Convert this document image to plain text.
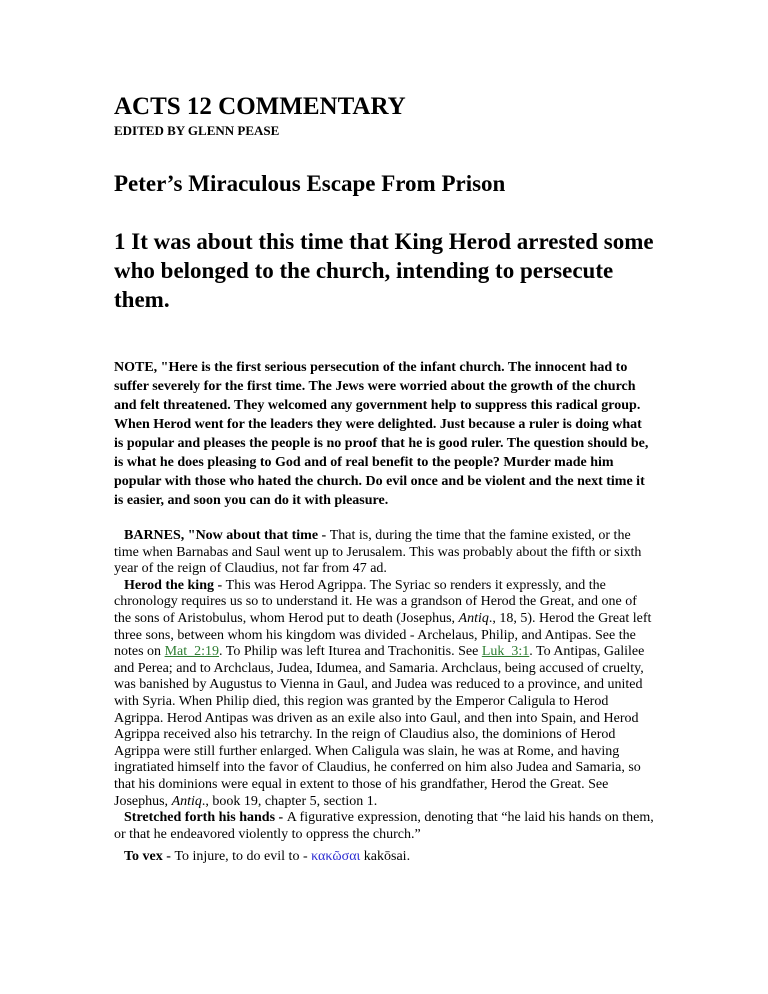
ACTS 12 COMMENTARY
EDITED BY GLENN PEASE
Peter’s Miraculous Escape From Prison

1 It was about this time that King Herod arrested some who belonged to the church, intending to persecute them.

NOTE, "Here is the first serious persecution of the infant church. The innocent had to suffer severely for the first time. The Jews were worried about the growth of the church and felt threatened. They welcomed any government help to suppress this radical group. When Herod went for the leaders they were delighted. Just because a ruler is doing what is popular and pleases the people is no proof that he is good ruler. The question should be, is what he does pleasing to God and of real benefit to the people? Murder made him popular with those who hated the church. Do evil once and be violent and the next time it is easier, and soon you can do it with pleasure.

BARNES, "Now about that time - That is, during the time that the famine existed, or the time when Barnabas and Saul went up to Jerusalem. This was probably about the fifth or sixth year of the reign of Claudius, not far from 47 ad.

Herod the king - This was Herod Agrippa. The Syriac so renders it expressly, and the chronology requires us so to understand it. He was a grandson of Herod the Great, and one of the sons of Aristobulus, whom Herod put to death (Josephus, Antiq., 18, 5). Herod the Great left three sons, between whom his kingdom was divided - Archelaus, Philip, and Antipas. See the notes on Mat_2:19. To Philip was left Iturea and Trachonitis. See Luk_3:1. To Antipas, Galilee and Perea; and to Archclaus, Judea, Idumea, and Samaria. Archclaus, being accused of cruelty, was banished by Augustus to Vienna in Gaul, and Judea was reduced to a province, and united with Syria. When Philip died, this region was granted by the Emperor Caligula to Herod Agrippa. Herod Antipas was driven as an exile also into Gaul, and then into Spain, and Herod Agrippa received also his tetrarchy. In the reign of Claudius also, the dominions of Herod Agrippa were still further enlarged. When Caligula was slain, he was at Rome, and having ingratiated himself into the favor of Claudius, he conferred on him also Judea and Samaria, so that his dominions were equal in extent to those of his grandfather, Herod the Great. See Josephus, Antiq., book 19, chapter 5, section 1.

Stretched forth his hands - A figurative expression, denoting that “he laid his hands on them, or that he endeavored violently to oppress the church.”

To vex - To injure, to do evil to - κακῶσαι kakōsai.
